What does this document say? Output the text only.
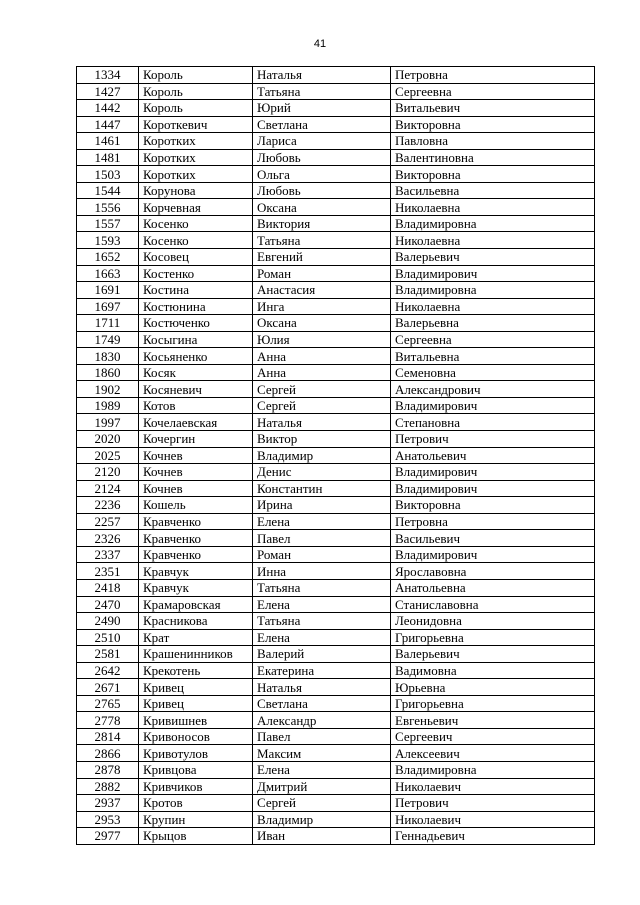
41
1334	Король	Наталья	Петровна
1427	Король	Татьяна	Сергеевна
1442	Король	Юрий	Витальевич
1447	Короткевич	Светлана	Викторовна
1461	Коротких	Лариса	Павловна
1481	Коротких	Любовь	Валентиновна
1503	Коротких	Ольга	Викторовна
1544	Корунова	Любовь	Васильевна
1556	Корчевная	Оксана	Николаевна
1557	Косенко	Виктория	Владимировна
1593	Косенко	Татьяна	Николаевна
1652	Косовец	Евгений	Валерьевич
1663	Костенко	Роман	Владимирович
1691	Костина	Анастасия	Владимировна
1697	Костюнина	Инга	Николаевна
1711	Костюченко	Оксана	Валерьевна
1749	Косыгина	Юлия	Сергеевна
1830	Косьяненко	Анна	Витальевна
1860	Косяк	Анна	Семеновна
1902	Косяневич	Сергей	Александрович
1989	Котов	Сергей	Владимирович
1997	Кочелаевская	Наталья	Степановна
2020	Кочергин	Виктор	Петрович
2025	Кочнев	Владимир	Анатольевич
2120	Кочнев	Денис	Владимирович
2124	Кочнев	Константин	Владимирович
2236	Кошель	Ирина	Викторовна
2257	Кравченко	Елена	Петровна
2326	Кравченко	Павел	Васильевич
2337	Кравченко	Роман	Владимирович
2351	Кравчук	Инна	Ярославовна
2418	Кравчук	Татьяна	Анатольевна
2470	Крамаровская	Елена	Станиславовна
2490	Красникова	Татьяна	Леонидовна
2510	Крат	Елена	Григорьевна
2581	Крашенинников	Валерий	Валерьевич
2642	Крекотень	Екатерина	Вадимовна
2671	Кривец	Наталья	Юрьевна
2765	Кривец	Светлана	Григорьевна
2778	Кривишнев	Александр	Евгеньевич
2814	Кривоносов	Павел	Сергеевич
2866	Кривотулов	Максим	Алексеевич
2878	Кривцова	Елена	Владимировна
2882	Кривчиков	Дмитрий	Николаевич
2937	Кротов	Сергей	Петрович
2953	Крупин	Владимир	Николаевич
2977	Крыцов	Иван	Геннадьевич
